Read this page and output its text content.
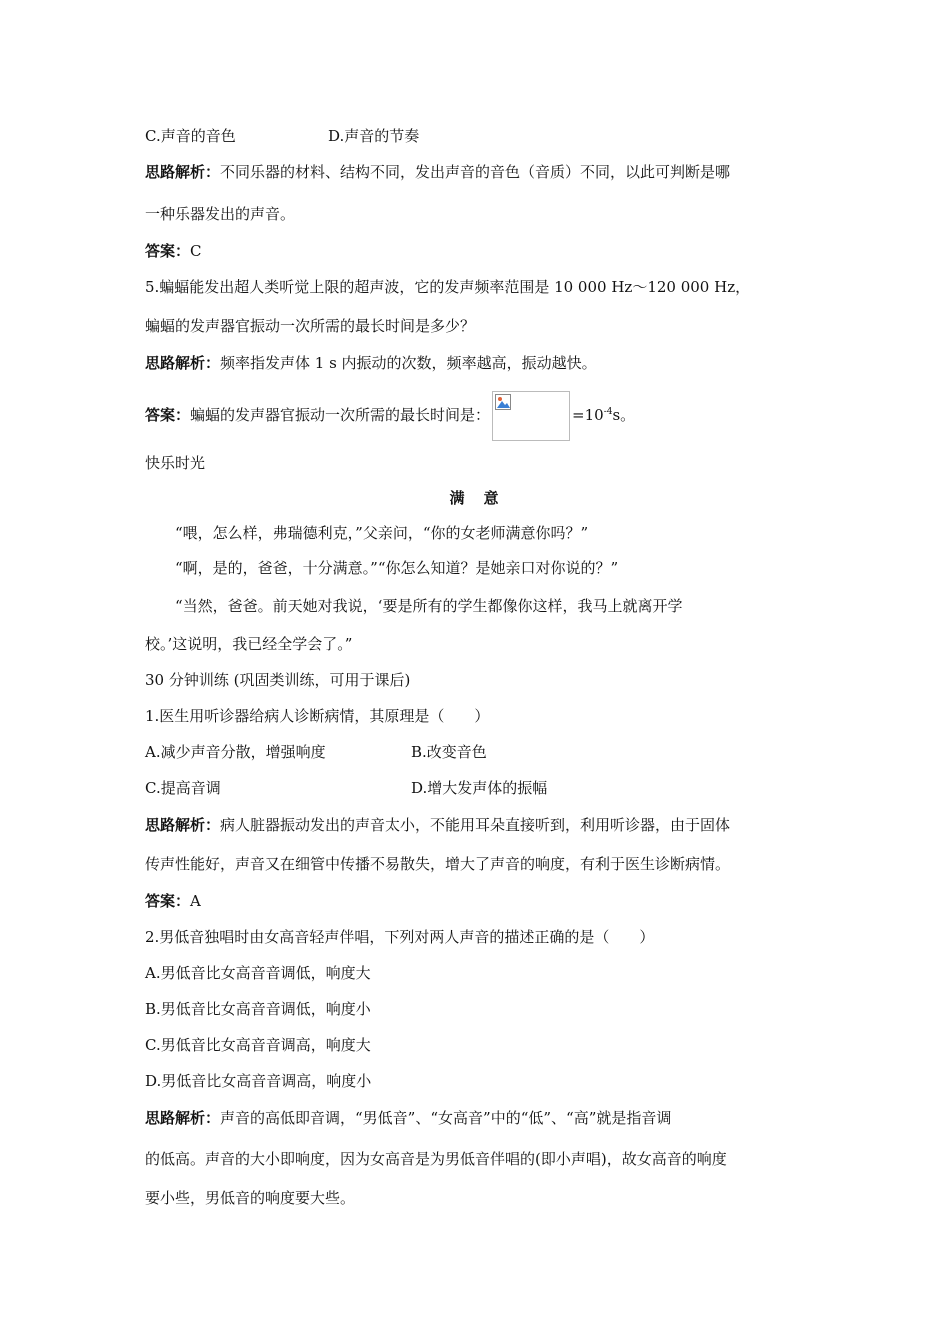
C.声音的音色	D.声音的节奏
思路解析：不同乐器的材料、结构不同，发出声音的音色（音质）不同，以此可判断是哪
一种乐器发出的声音。
答案：C
5.蝙蝠能发出超人类听觉上限的超声波，它的发声频率范围是 10 000 Hz～120 000 Hz，
蝙蝠的发声器官振动一次所需的最长时间是多少？
思路解析：频率指发声体 1 s 内振动的次数，频率越高，振动越快。
答案：蝙蝠的发声器官振动一次所需的最长时间是：	$=10^{-4}s$。
快乐时光
满　意
“喂，怎么样，弗瑞德利克，”父亲问，“你的女老师满意你吗？”
“啊，是的，爸爸，十分满意。”“你怎么知道？是她亲口对你说的？”
“当然，爸爸。前天她对我说，‘要是所有的学生都像你这样，我马上就离开学
校。’这说明，我已经全学会了。”
30 分钟训练 (巩固类训练，可用于课后)
1.医生用听诊器给病人诊断病情，其原理是（　　）
A.减少声音分散，增强响度	B.改变音色
C.提高音调	D.增大发声体的振幅
思路解析：病人脏器振动发出的声音太小，不能用耳朵直接听到，利用听诊器，由于固体
传声性能好，声音又在细管中传播不易散失，增大了声音的响度，有利于医生诊断病情。
答案：A
2.男低音独唱时由女高音轻声伴唱，下列对两人声音的描述正确的是（　　）
A.男低音比女高音音调低，响度大
B.男低音比女高音音调低，响度小
C.男低音比女高音音调高，响度大
D.男低音比女高音音调高，响度小
思路解析：声音的高低即音调，“男低音”、“女高音”中的“低”、“高”就是指音调
的低高。声音的大小即响度，因为女高音是为男低音伴唱的(即小声唱)，故女高音的响度
要小些，男低音的响度要大些。
